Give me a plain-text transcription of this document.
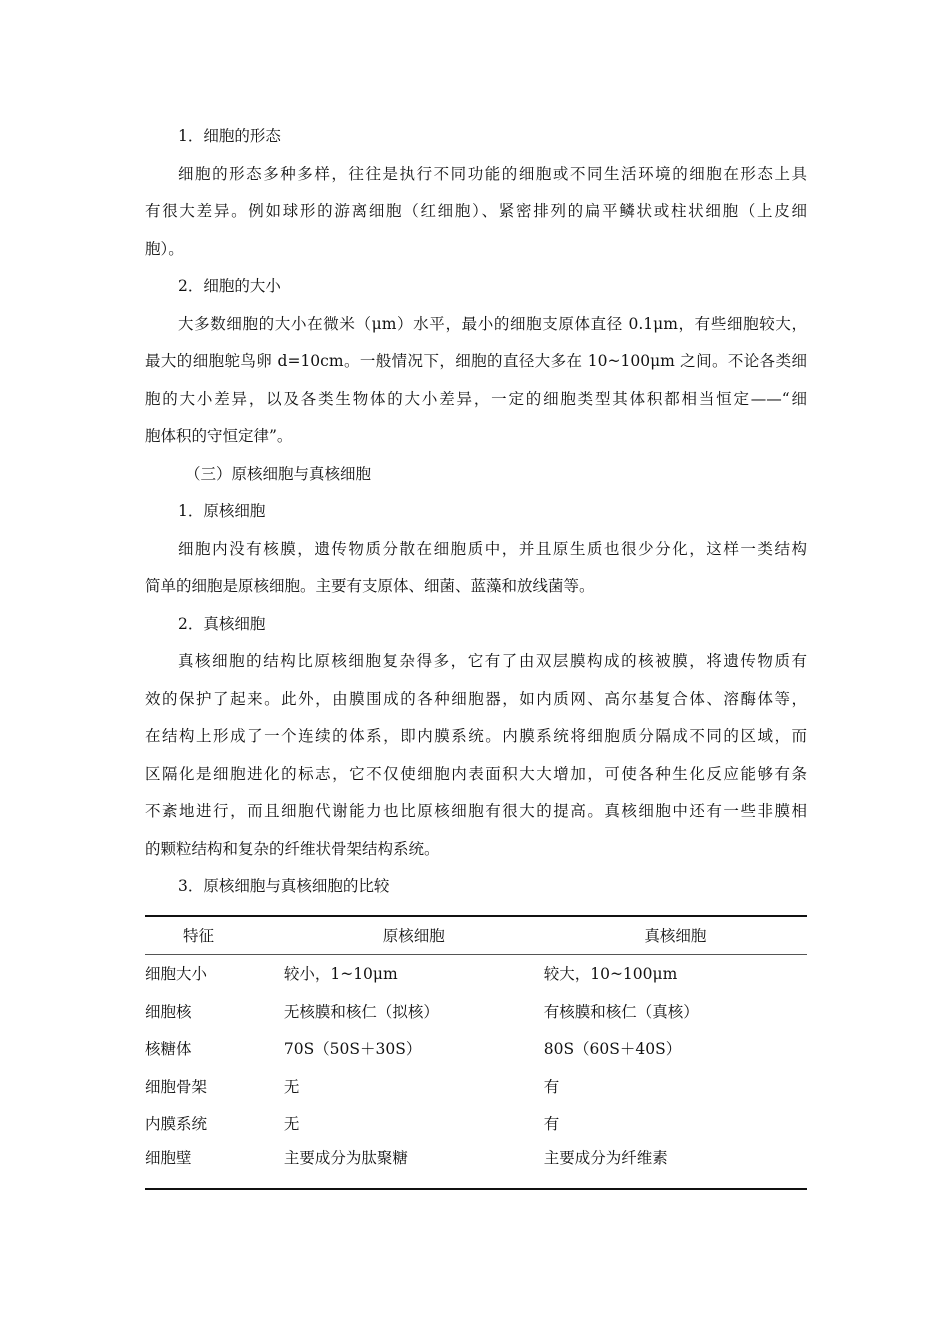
1．细胞的形态
细胞的形态多种多样，往往是执行不同功能的细胞或不同生活环境的细胞在形态上具
有很大差异。例如球形的游离细胞（红细胞）、紧密排列的扁平鳞状或柱状细胞（上皮细
胞）。
2．细胞的大小
大多数细胞的大小在微米（μm）水平，最小的细胞支原体直径 0.1μm，有些细胞较大，
最大的细胞鸵鸟卵 d=10cm。一般情况下，细胞的直径大多在 10~100μm 之间。不论各类细
胞的大小差异，以及各类生物体的大小差异，一定的细胞类型其体积都相当恒定——“细
胞体积的守恒定律”。
（三）原核细胞与真核细胞
1．原核细胞
细胞内没有核膜，遗传物质分散在细胞质中，并且原生质也很少分化，这样一类结构
简单的细胞是原核细胞。主要有支原体、细菌、蓝藻和放线菌等。
2．真核细胞
真核细胞的结构比原核细胞复杂得多，它有了由双层膜构成的核被膜，将遗传物质有
效的保护了起来。此外，由膜围成的各种细胞器，如内质网、高尔基复合体、溶酶体等，
在结构上形成了一个连续的体系，即内膜系统。内膜系统将细胞质分隔成不同的区域，而
区隔化是细胞进化的标志，它不仅使细胞内表面积大大增加，可使各种生化反应能够有条
不紊地进行，而且细胞代谢能力也比原核细胞有很大的提高。真核细胞中还有一些非膜相
的颗粒结构和复杂的纤维状骨架结构系统。
3．原核细胞与真核细胞的比较
特征	原核细胞	真核细胞
细胞大小	较小，1~10μm	较大，10~100μm
细胞核	无核膜和核仁（拟核）	有核膜和核仁（真核）
核糖体	70S（50S＋30S）	80S（60S＋40S）
细胞骨架	无	有
内膜系统	无	有
细胞壁	主要成分为肽聚糖	主要成分为纤维素
